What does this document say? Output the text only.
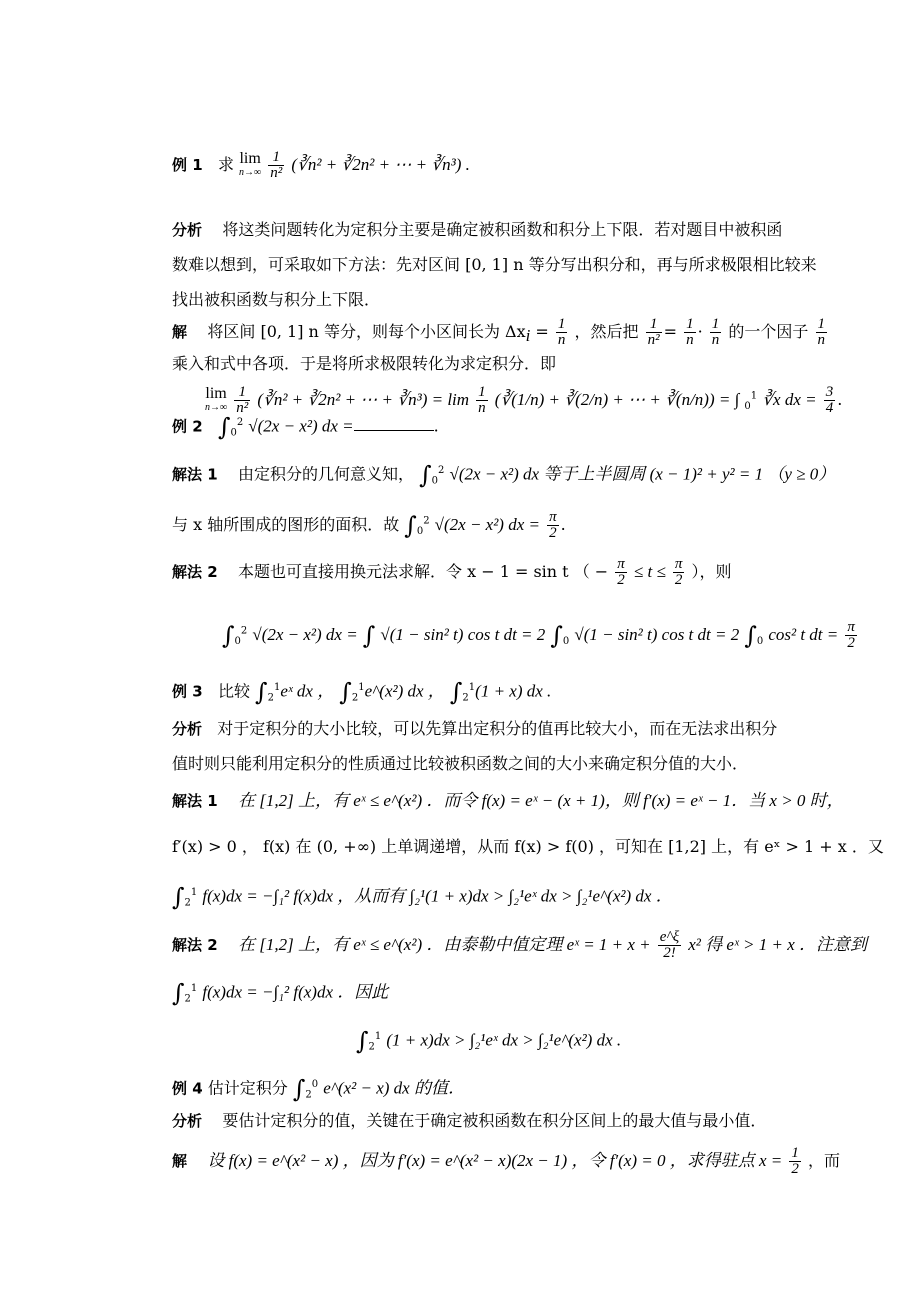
例 1 求 lim
n→∞
$\frac{1}{\text{n²}}$ (∛n² + ∛2n² + ⋯ + ∛n³) .
分析 将这类问题转化为定积分主要是确定被积函数和积分上下限．若对题目中被积函
数难以想到，可采取如下方法：先对区间 [0, 1] n 等分写出积分和，再与所求极限相比较来
找出被积函数与积分上下限．
解 将区间 [0, 1] n 等分，则每个小区间长为 $\Delta x_i = \frac{1}{n}$ ，然后把 $\frac{1}{\text{n²}} = \frac{1}{n} \cdot \frac{1}{n}$ 的一个因子 $\frac{1}{n}$
乘入和式中各项．于是将所求极限转化为求定积分．即
lim
n→∞
$\frac{1}{\text{n²}}$ (∛n² + ∛2n² + ⋯ + ∛n³) = $\lim \frac{1}{n}$ (∛(1/n) + ∛(2/n) + ⋯ + ∛(n/n)) = ∫ $_0^1$ ∛x dx = $\frac{3}{4}$ .
例 2 $\int_0^2$ √(2x − x²) dx =	.
解法 1 由定积分的几何意义知， $\int_0^2$ √(2x − x²) dx 等于上半圆周 (x − 1)² + y² = 1 （y ≥ 0）
与 x 轴所围成的图形的面积．故 $\int_0^2$ √(2x − x²) dx = $\frac{\pi}{2}$ .
解法 2 本题也可直接用换元法求解．令 x − 1 = sin t （ − $\frac{\pi}{2} \le t \le \frac{\pi}{2}$ ），则
$\int_0^2$ √(2x − x²) dx = ∫ √(1 − sin² t) cos t dt = 2 $\int_0$ √(1 − sin² t) cos t dt = 2 $\int_0$ cos² t dt = $\frac{\pi}{2}$
例 3 比较 $\int_2^1eˣ$ dx ， $\int_2^1e\^{}(x^2)$ dx ， $\int_2^1(1 + x)$ dx .
分析 对于定积分的大小比较，可以先算出定积分的值再比较大小，而在无法求出积分
值时则只能利用定积分的性质通过比较被积函数之间的大小来确定积分值的大小．
解法 1 在 [1,2] 上，有 eˣ ≤ e^(x²) ．而令 f(x) = eˣ − (x + 1)，则 f′(x) = eˣ − 1．当 x > 0 时，
f′(x) > 0 ， f(x) 在 (0, +∞) 上单调递增，从而 f(x) > f(0) ，可知在 [1,2] 上，有 eˣ > 1 + x ．又
$\int_2^1$ f(x)dx = −∫₁² f(x)dx ，从而有 ∫₂¹(1 + x)dx > ∫₂¹eˣ dx > ∫₂¹e^(x²) dx ．
解法 2 在 [1,2] 上，有 eˣ ≤ e^(x²) ．由泰勒中值定理 eˣ = $1 + x + \frac{e\^{}\xi}{2!} x^2$ 得 eˣ > 1 + x ．注意到
$\int_2^1$ f(x)dx = −∫₁² f(x)dx ．因此
$\int_2^1$ (1 + x)dx > ∫₂¹eˣ dx > ∫₂¹e^(x²) dx .
例 4 估计定积分 $\int_2^0$ e^(x² − x) dx 的值．
分析 要估计定积分的值，关键在于确定被积函数在积分区间上的最大值与最小值．
解 设 f(x) = e^(x² − x) ，因为 f′(x) = e^(x² − x)(2x − 1) ，令 f′(x) = 0 ，求得驻点 $x = \frac{1}{2}$ ，而
